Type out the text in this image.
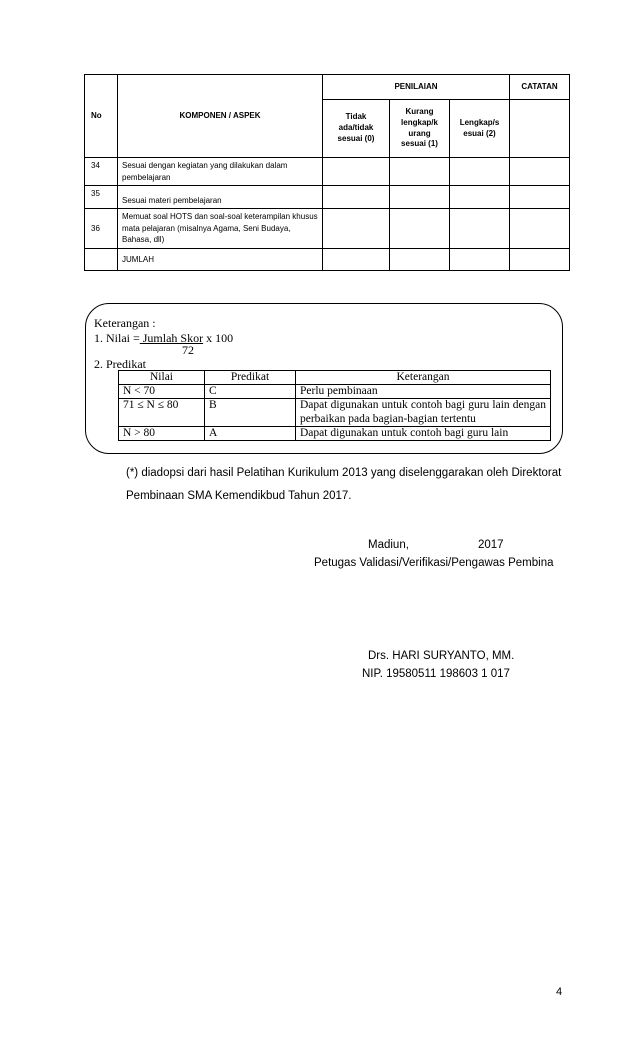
No	KOMPONEN / ASPEK	PENILAIAN			CATATAN
		Tidak ada/tidak sesuai (0)	Kurang lengkap/k urang sesuai (1)	Lengkap/s esuai (2)	
34	Sesuai dengan kegiatan yang dilakukan dalam pembelajaran				
35	Sesuai materi pembelajaran				
36	Memuat soal HOTS dan soal-soal keterampilan khusus mata pelajaran (misalnya Agama, Seni Budaya, Bahasa, dll)				
	JUMLAH				
Keterangan :
1. Nilai = Jumlah Skor x 100
72
2. Predikat
Nilai	Predikat	Keterangan
N < 70	C	Perlu pembinaan
71 ≤ N ≤ 80	B	Dapat digunakan untuk contoh bagi guru lain dengan perbaikan pada bagian-bagian tertentu
N > 80	A	Dapat digunakan untuk contoh bagi guru lain
(*) diadopsi dari hasil Pelatihan Kurikulum 2013 yang diselenggarakan oleh Direktorat Pembinaan SMA Kemendikbud Tahun 2017.
Madiun,	2017
Petugas Validasi/Verifikasi/Pengawas Pembina
Drs. HARI SURYANTO, MM.
NIP. 19580511 198603 1 017
4
